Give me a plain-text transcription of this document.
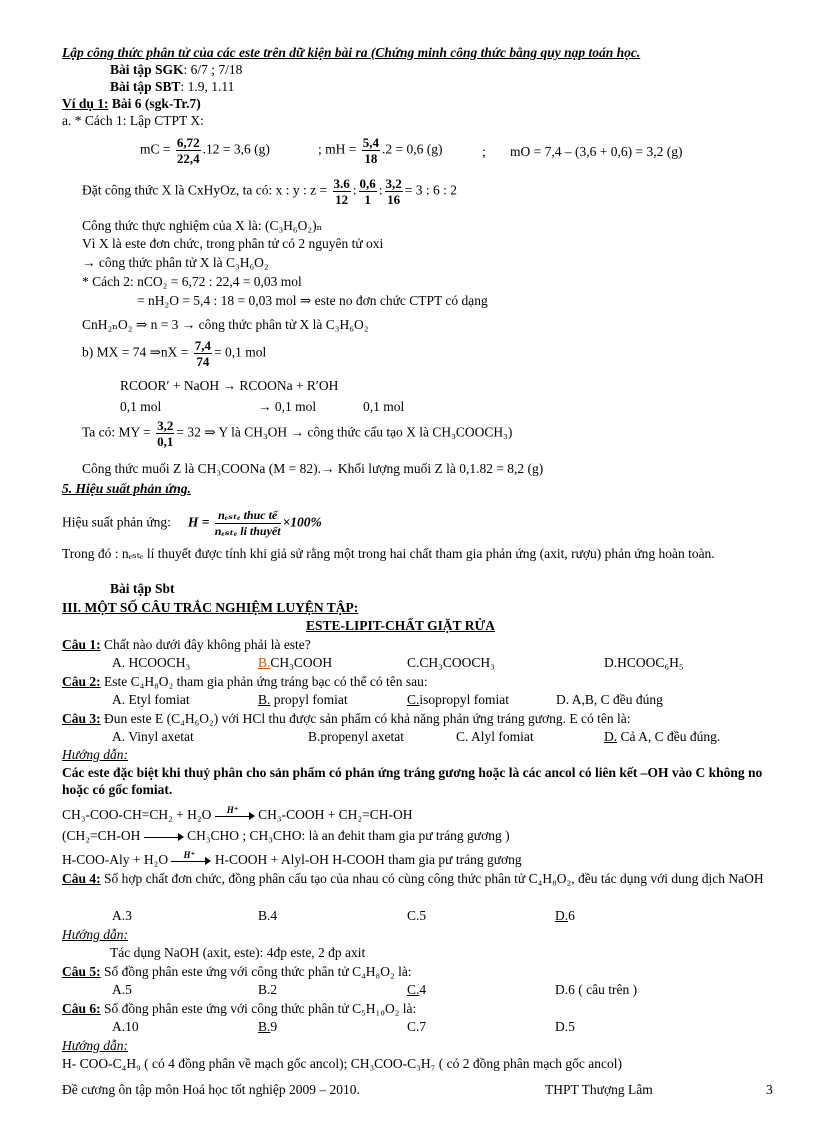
Lập công thức phân tử của các este trên dữ kiện bài ra (Chứng minh công thức bằng quy nạp toán học.
Bài tập SGK: 6/7 ; 7/18
Bài tập SBT: 1.9, 1.11
Ví dụ 1: Bài 6 (sgk-Tr.7)
a. * Cách 1: Lập CTPT X:
mC = $\frac{6,72}{22,4} .12 = 3,6$ (g)	; mH = $\frac{5,4}{18} .2 = 0,6$ (g)	; mO = 7,4 – (3,6 + 0,6) = 3,2 (g)
Đặt công thức X là CxHyOz, ta có: x : y : $z = \frac{3.6}{12}$ : $\frac{0,6}{1}$ : $\frac{3,2}{16} = 3$ : 6 : 2
Công thức thực nghiệm của X là: (C₃H₆O₂)ₙ
Vì X là este đơn chức, trong phân tử có 2 nguyên tử oxi
→ công thức phân tử X là C₃H₆O₂
* Cách 2: nCO₂ = 6,72 : 22,4 = 0,03 mol
= nH₂O = 5,4 : 18 = 0,03 mol ⇒ este no đơn chức CTPT có dạng
CnH₂ₙO₂ ⇒ n = 3 → công thức phân tử X là C₃H₆O₂
b) MX = 74 ⇒nX = $\frac{7,4}{74} = 0,1$ mol
RCOOR′ + NaOH → RCOONa + R′OH
0,1 mol	→ 0,1 mol	0,1 mol
Ta có: MY = $\frac{3,2}{0,1} = 32$ ⇒ Y là CH₃OH → công thức cấu tạo X là CH₃COOCH₃)
Công thức muối Z là CH₃COONa (M = 82).→ Khối lượng muối Z là 0,1.82 = 8,2 (g)
5. Hiệu suất phản ứng.
Hiệu suất phản ứng: $H = \frac{\text{nₑₛₜₑ thuc tế}}{\text{nₑₛₜₑ li thuyết}} \times 100\%$
Trong đó : nₑₛₜₑ lí thuyết được tính khi giả sử rằng một trong hai chất tham gia phản ứng (axit, rượu) phản ứng hoàn toàn.
Bài tập Sbt
III. MỘT SỐ CÂU TRẮC NGHIỆM LUYỆN TẬP:
ESTE-LIPIT-CHẤT GIẶT RỬA
Câu 1: Chất nào dưới đây không phải là este?
A. HCOOCH₃	B.CH₃COOH	C.CH₃COOCH₃	D.HCOOC₆H₅
Câu 2: Este C₄H₈O₂ tham gia phản ứng tráng bạc có thể có tên sau:
A. Etyl fomiat	B. propyl fomiat	C.isopropyl fomiat	D. A,B, C đều đúng
Câu 3: Đun este E (C₄H₆O₂) với HCl thu được sản phẩm có khả năng phản ứng tráng gương. E có tên là:
A. Vinyl axetat	B.propenyl axetat	C. Alyl fomiat	D. Cả A, C đều đúng.
Hướng dẫn:
Các este đặc biệt khi thuỷ phân cho sản phẩm có phản ứng tráng gương hoặc là các ancol có liên kết –OH vào C không no hoặc có gốc fomiat.
CH₃-COO-CH=CH₂ + H₂O H⁺ CH₃-COOH + CH₂=CH-OH
(CH₂=CH-OH	CH₃CHO ; CH₃CHO: là an đehit tham gia pư tráng gương )
H-COO-Aly + H₂O H⁺ H-COOH + Alyl-OH H-COOH tham gia pư tráng gương
Câu 4: Số hợp chất đơn chức, đồng phân cấu tạo của nhau có cùng công thức phân tử C₄H₈O₂, đều tác dụng với dung dịch NaOH
A.3	B.4	C.5	D.6
Hướng dẫn:
Tác dụng NaOH (axit, este): 4đp este, 2 đp axit
Câu 5: Số đồng phân este ứng với công thức phân tử C₄H₈O₂ là:
A.5	B.2	C.4	D.6 ( câu trên )
Câu 6: Số đồng phân este ứng với công thức phân tử C₅H₁₀O₂ là:
A.10	B.9	C.7	D.5
Hướng dẫn:
H- COO-C₄H₉ ( có 4 đồng phân về mạch gốc ancol); CH₃COO-C₃H₇ ( có 2 đồng phân mạch gốc ancol)
Đề cương ôn tập môn Hoá học tốt nghiệp 2009 – 2010.	THPT Thượng Lâm	3
